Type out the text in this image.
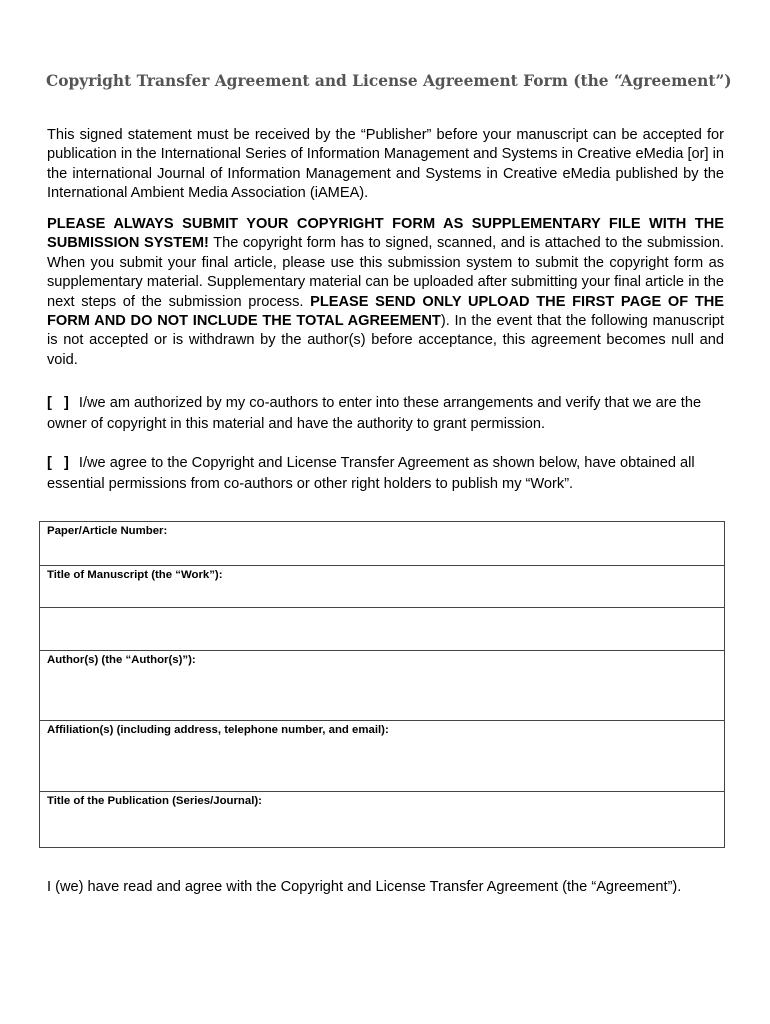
Copyright Transfer Agreement and License Agreement Form (the “Agreement”)
This signed statement must be received by the “Publisher” before your manuscript can be accepted for publication in the International Series of Information Management and Systems in Creative eMedia [or] in the international Journal of Information Management and Systems in Creative eMedia published by the International Ambient Media Association (iAMEA).
PLEASE ALWAYS SUBMIT YOUR COPYRIGHT FORM AS SUPPLEMENTARY FILE WITH THE SUBMISSION SYSTEM! The copyright form has to signed, scanned, and is attached to the submission. When you submit your final article, please use this submission system to submit the copyright form as supplementary material. Supplementary material can be uploaded after submitting your final article in the next steps of the submission process. PLEASE SEND ONLY UPLOAD THE FIRST PAGE OF THE FORM AND DO NOT INCLUDE THE TOTAL AGREEMENT). In the event that the following manuscript is not accepted or is withdrawn by the author(s) before acceptance, this agreement becomes null and void.
[   ] I/we am authorized by my co-authors to enter into these arrangements and verify that we are the owner of copyright in this material and have the authority to grant permission.
[   ] I/we agree to the Copyright and License Transfer Agreement as shown below, have obtained all essential permissions from co-authors or other right holders to publish my “Work”.
Paper/Article Number:
Title of Manuscript (the “Work”):
Author(s) (the “Author(s)”):
Affiliation(s) (including address, telephone number, and email):
Title of the Publication (Series/Journal):
I (we) have read and agree with the Copyright and License Transfer Agreement (the “Agreement”).
